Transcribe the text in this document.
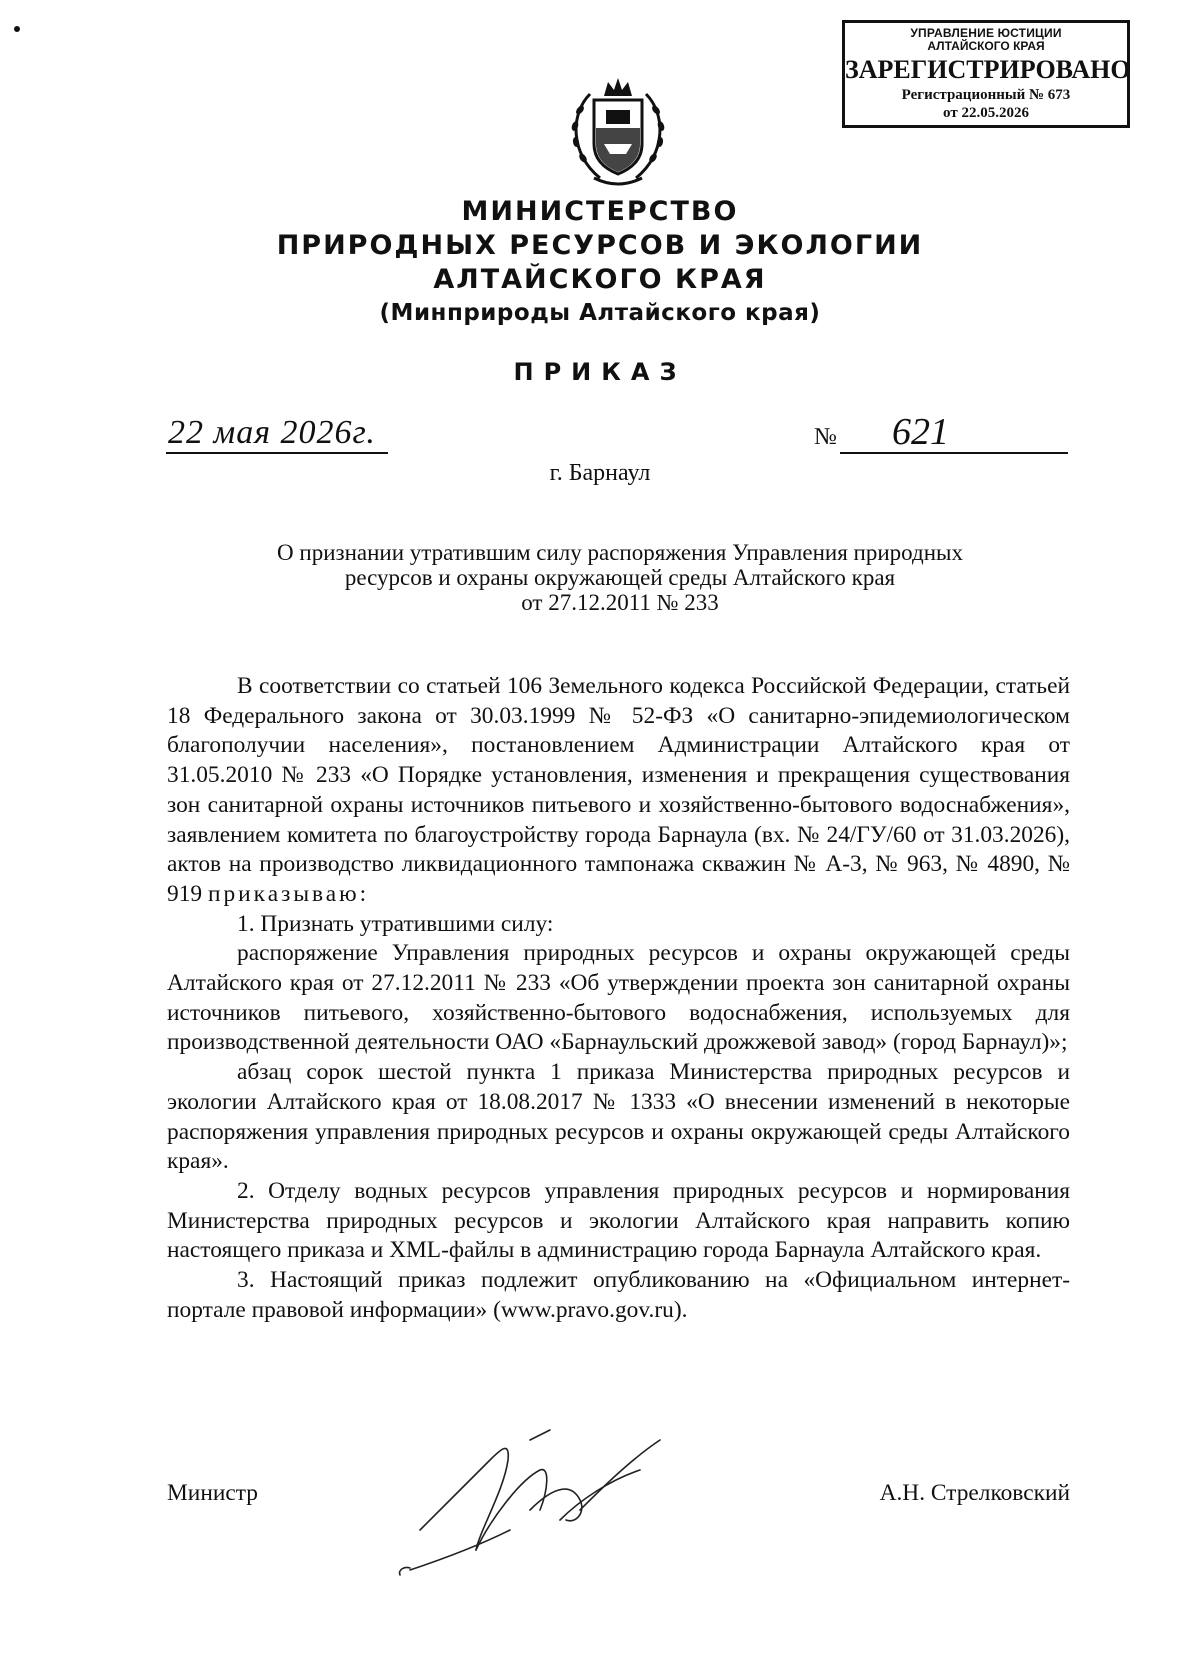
УПРАВЛЕНИЕ ЮСТИЦИИ
АЛТАЙСКОГО КРАЯ
ЗАРЕГИСТРИРОВАНО
Регистрационный № 673
от 22.05.2026
МИНИСТЕРСТВО
ПРИРОДНЫХ РЕСУРСОВ И ЭКОЛОГИИ
АЛТАЙСКОГО КРАЯ
(Минприроды Алтайского края)
ПРИКАЗ
22 мая 2026г.	№ 621
г. Барнаул
О признании утратившим силу распоряжения Управления природных
ресурсов и охраны окружающей среды Алтайского края
от 27.12.2011 № 233

В соответствии со статьей 106 Земельного кодекса Российской Федерации, статьей 18 Федерального закона от 30.03.1999 № 52-ФЗ «О санитарно-эпидемиологическом благополучии населения», постановлением Администрации Алтайского края от 31.05.2010 № 233 «О Порядке установления, изменения и прекращения существования зон санитарной охраны источников питьевого и хозяйственно-бытового водоснабжения», заявлением комитета по благоустройству города Барнаула (вх. № 24/ГУ/60 от 31.03.2026), актов на производство ликвидационного тампонажа скважин № А-3, № 963, № 4890, № 919 приказываю:

1. Признать утратившими силу:

распоряжение Управления природных ресурсов и охраны окружающей среды Алтайского края от 27.12.2011 № 233 «Об утверждении проекта зон санитарной охраны источников питьевого, хозяйственно-бытового водоснабжения, используемых для производственной деятельности ОАО «Барнаульский дрожжевой завод» (город Барнаул)»;

абзац сорок шестой пункта 1 приказа Министерства природных ресурсов и экологии Алтайского края от 18.08.2017 № 1333 «О внесении изменений в некоторые распоряжения управления природных ресурсов и охраны окружающей среды Алтайского края».

2. Отделу водных ресурсов управления природных ресурсов и нормирования Министерства природных ресурсов и экологии Алтайского края направить копию настоящего приказа и XML-файлы в администрацию города Барнаула Алтайского края.

3. Настоящий приказ подлежит опубликованию на «Официальном интернет-портале правовой информации» (www.pravo.gov.ru).

Министр	А.Н. Стрелковский
